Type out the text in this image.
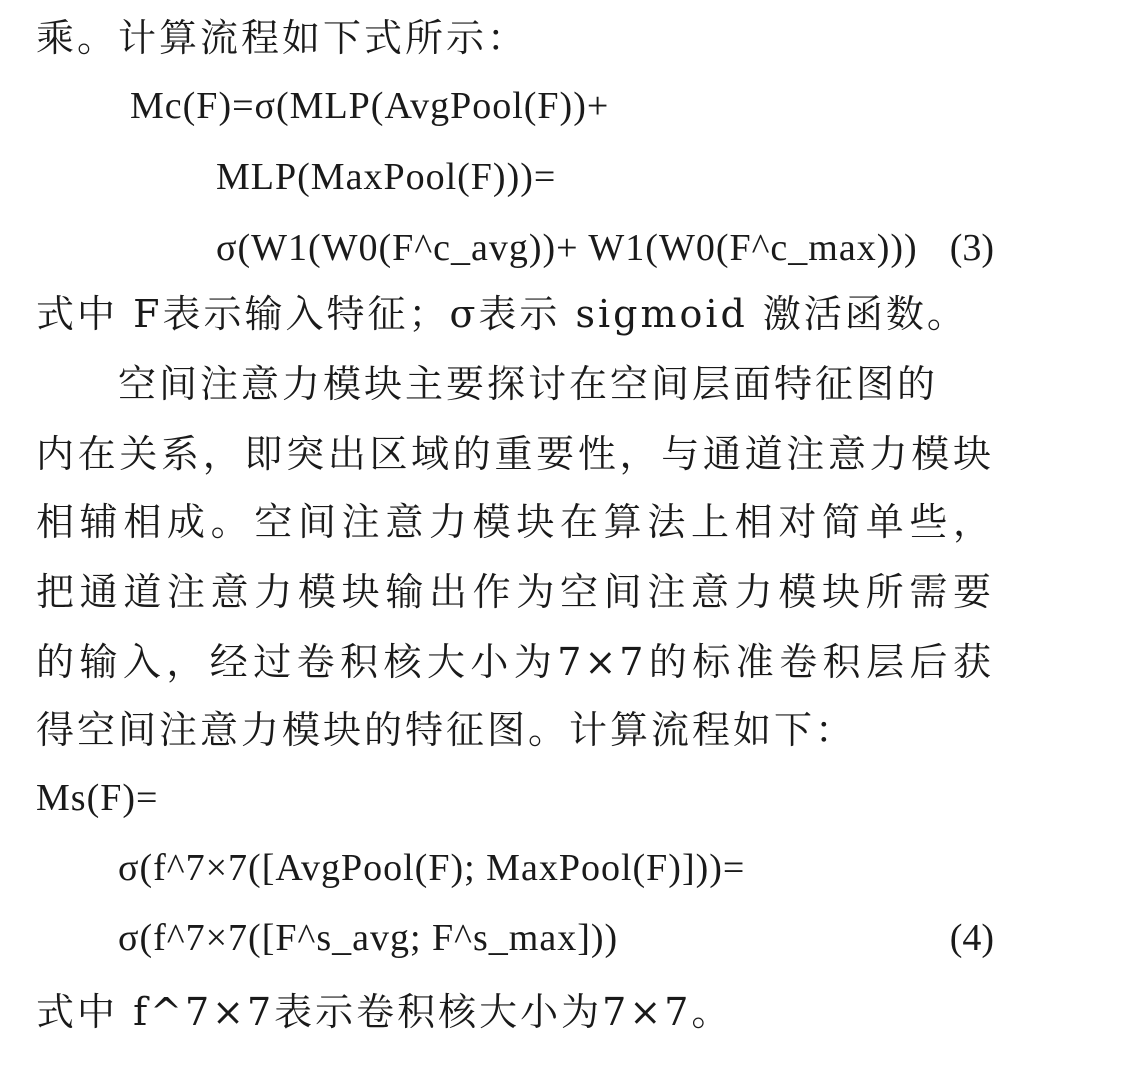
乘。计算流程如下式所示：
Mc(F)=σ(MLP(AvgPool(F))+
MLP(MaxPool(F)))=
σ(W1(W0(F^c_avg))+ W1(W0(F^c_max))) (3)
式中 F表示输入特征；σ表示 sigmoid 激活函数。
空间注意力模块主要探讨在空间层面特征图的
内在关系，即突出区域的重要性，与通道注意力模块
相辅相成。空间注意力模块在算法上相对简单些，
把通道注意力模块输出作为空间注意力模块所需要
的输入，经过卷积核大小为7×7的标准卷积层后获
得空间注意力模块的特征图。计算流程如下：
Ms(F)=
σ(f^7×7([AvgPool(F); MaxPool(F)]))=
σ(f^7×7([F^s_avg; F^s_max]))	(4)
式中 f^7×7表示卷积核大小为7×7。
